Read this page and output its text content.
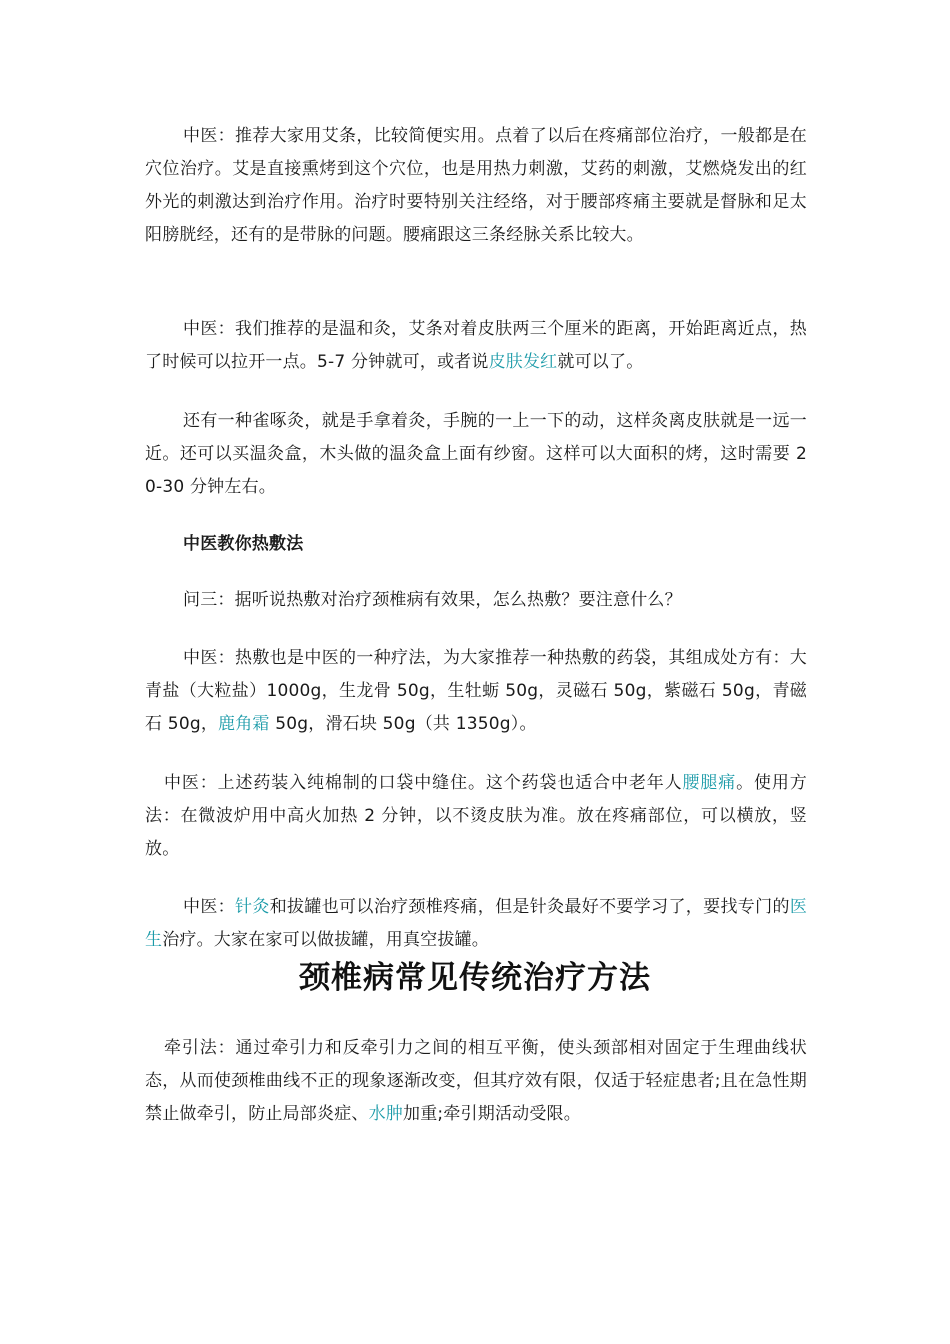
中医：推荐大家用艾条，比较简便实用。点着了以后在疼痛部位治疗，一般都是在穴位治疗。艾是直接熏烤到这个穴位，也是用热力刺激，艾药的刺激，艾燃烧发出的红外光的刺激达到治疗作用。治疗时要特别关注经络，对于腰部疼痛主要就是督脉和足太阳膀胱经，还有的是带脉的问题。腰痛跟这三条经脉关系比较大。

中医：我们推荐的是温和灸，艾条对着皮肤两三个厘米的距离，开始距离近点，热了时候可以拉开一点。5-7 分钟就可，或者说皮肤发红就可以了。

还有一种雀啄灸，就是手拿着灸，手腕的一上一下的动，这样灸离皮肤就是一远一近。还可以买温灸盒，木头做的温灸盒上面有纱窗。这样可以大面积的烤，这时需要 20-30 分钟左右。

中医教你热敷法

问三：据听说热敷对治疗颈椎病有效果，怎么热敷？要注意什么？

中医：热敷也是中医的一种疗法，为大家推荐一种热敷的药袋，其组成处方有：大青盐（大粒盐）1000g，生龙骨 50g，生牡蛎 50g，灵磁石 50g，紫磁石 50g，青磁石 50g，鹿角霜 50g，滑石块 50g（共 1350g）。

中医：上述药装入纯棉制的口袋中缝住。这个药袋也适合中老年人腰腿痛。使用方法：在微波炉用中高火加热 2 分钟，以不烫皮肤为准。放在疼痛部位，可以横放，竖放。

中医：针灸和拔罐也可以治疗颈椎疼痛，但是针灸最好不要学习了，要找专门的医生治疗。大家在家可以做拔罐，用真空拔罐。

颈椎病常见传统治疗方法

牵引法：通过牵引力和反牵引力之间的相互平衡，使头颈部相对固定于生理曲线状态，从而使颈椎曲线不正的现象逐渐改变，但其疗效有限，仅适于轻症患者;且在急性期禁止做牵引，防止局部炎症、水肿加重;牵引期活动受限。
